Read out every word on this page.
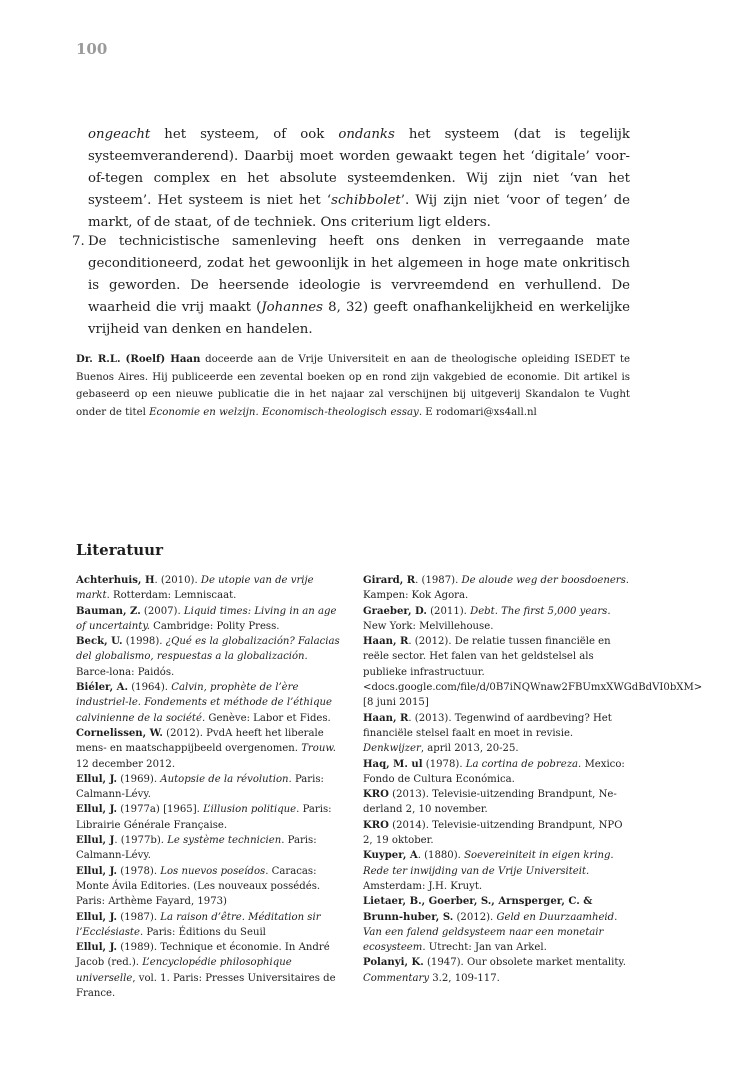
100

ongeacht het systeem, of ook ondanks het systeem (dat is tegelijk systeemveranderend). Daarbij moet worden gewaakt tegen het ‘digitale’ voor-of-tegen complex en het absolute systeemdenken. Wij zijn niet ‘van het systeem’. Het systeem is niet het ‘schibbolet’. Wij zijn niet ‘voor of tegen’ de markt, of de staat, of de techniek. Ons criterium ligt elders.

7. De technicistische samenleving heeft ons denken in verregaande mate geconditioneerd, zodat het gewoonlijk in het algemeen in hoge mate onkritisch is geworden. De heersende ideologie is vervreemdend en verhullend. De waarheid die vrij maakt (Johannes 8, 32) geeft onafhankelijkheid en werkelijke vrijheid van denken en handelen.

Dr. R.L. (Roelf) Haan doceerde aan de Vrije Universiteit en aan de theologische opleiding ISEDET te Buenos Aires. Hij publiceerde een zevental boeken op en rond zijn vakgebied de economie. Dit artikel is gebaseerd op een nieuwe publicatie die in het najaar zal verschijnen bij uitgeverij Skandalon te Vught onder de titel Economie en welzijn. Economisch-theologisch essay. E rodomari@xs4all.nl
Literatuur

Achterhuis, H. (2010). De utopie van de vrije markt. Rotterdam: Lemniscaat.

Bauman, Z. (2007). Liquid times: Living in an age of uncertainty. Cambridge: Polity Press.

Beck, U. (1998). ¿Qué es la globalización? Falacias del globalismo, respuestas a la globalización. Barce-lona: Paidós.

Biéler, A. (1964). Calvin, prophète de l’ère industriel-le. Fondements et méthode de l’éthique calvinienne de la société. Genève: Labor et Fides.

Cornelissen, W. (2012). PvdA heeft het liberale mens- en maatschappijbeeld overgenomen. Trouw. 12 december 2012.

Ellul, J. (1969). Autopsie de la révolution. Paris: Calmann-Lévy.

Ellul, J. (1977a) [1965]. L’illusion politique. Paris: Librairie Générale Française.

Ellul, J. (1977b). Le système technicien. Paris: Calmann-Lévy.

Ellul, J. (1978). Los nuevos poseídos. Caracas: Monte Ávila Editories. (Les nouveaux possédés. Paris: Arthème Fayard, 1973)

Ellul, J. (1987). La raison d’être. Méditation sir l’Ecclésiaste. Paris: Éditions du Seuil

Ellul, J. (1989). Technique et économie. In André Jacob (red.). L’encyclopédie philosophique universelle, vol. 1. Paris: Presses Universitaires de France.

Girard, R. (1987). De aloude weg der boosdoeners. Kampen: Kok Agora.

Graeber, D. (2011). Debt. The first 5,000 years. New York: Melvillehouse.

Haan, R. (2012). De relatie tussen financiële en reële sector. Het falen van het geldstelsel als publieke infrastructuur. <docs.google.com/file/d/0B7iNQWnaw2FBUmxXWGdBdVI0bXM> [8 juni 2015]

Haan, R. (2013). Tegenwind of aardbeving? Het financiële stelsel faalt en moet in revisie. Denkwijzer, april 2013, 20-25.

Haq, M. ul (1978). La cortina de pobreza. Mexico: Fondo de Cultura Económica.

KRO (2013). Televisie-uitzending Brandpunt, Ne-derland 2, 10 november.

KRO (2014). Televisie-uitzending Brandpunt, NPO 2, 19 oktober.

Kuyper, A. (1880). Soevereiniteit in eigen kring. Rede ter inwijding van de Vrije Universiteit. Amsterdam: J.H. Kruyt.

Lietaer, B., Goerber, S., Arnsperger, C. & Brunn-huber, S. (2012). Geld en Duurzaamheid. Van een falend geldsysteem naar een monetair ecosysteem. Utrecht: Jan van Arkel.

Polanyi, K. (1947). Our obsolete market mentality. Commentary 3.2, 109-117.
